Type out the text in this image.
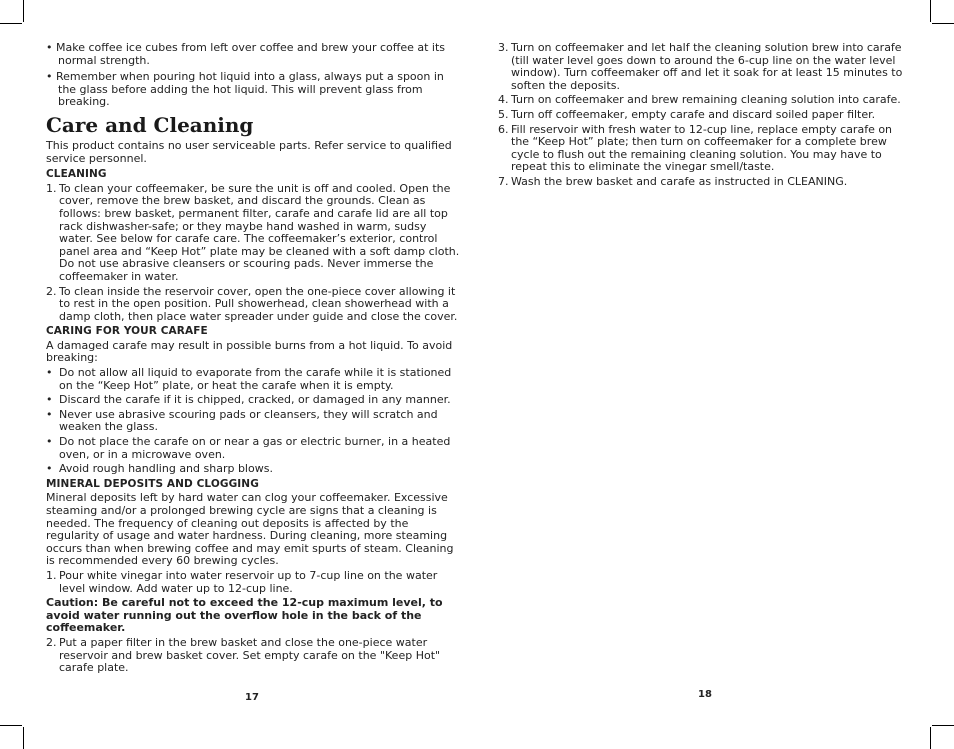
• Make coffee ice cubes from left over coffee and brew your coffee at its normal strength.

• Remember when pouring hot liquid into a glass, always put a spoon in the glass before adding the hot liquid. This will prevent glass from breaking.

Care and Cleaning

This product contains no user serviceable parts. Refer service to qualified service personnel.

CLEANING
1. To clean your coffeemaker, be sure the unit is off and cooled. Open the cover, remove the brew basket, and discard the grounds. Clean as follows: brew basket, permanent filter, carafe and carafe lid are all top rack dishwasher-safe; or they maybe hand washed in warm, sudsy water. See below for carafe care. The coffeemaker’s exterior, control panel area and “Keep Hot” plate may be cleaned with a soft damp cloth. Do not use abrasive cleansers or scouring pads. Never immerse the coffeemaker in water.
2. To clean inside the reservoir cover, open the one-piece cover allowing it to rest in the open position. Pull showerhead, clean showerhead with a damp cloth, then place water spreader under guide and close the cover.
CARING FOR YOUR CARAFE

A damaged carafe may result in possible burns from a hot liquid. To avoid breaking:

• Do not allow all liquid to evaporate from the carafe while it is stationed on the “Keep Hot” plate, or heat the carafe when it is empty.
• Discard the carafe if it is chipped, cracked, or damaged in any manner.
• Never use abrasive scouring pads or cleansers, they will scratch and weaken the glass.
• Do not place the carafe on or near a gas or electric burner, in a heated oven, or in a microwave oven.
• Avoid rough handling and sharp blows.
MINERAL DEPOSITS AND CLOGGING

Mineral deposits left by hard water can clog your coffeemaker. Excessive steaming and/or a prolonged brewing cycle are signs that a cleaning is needed. The frequency of cleaning out deposits is affected by the regularity of usage and water hardness. During cleaning, more steaming occurs than when brewing coffee and may emit spurts of steam. Cleaning is recommended every 60 brewing cycles.

1. Pour white vinegar into water reservoir up to 7-cup line on the water level window. Add water up to 12-cup line.

Caution: Be careful not to exceed the 12-cup maximum level, to avoid water running out the overflow hole in the back of the coffeemaker.

2. Put a paper filter in the brew basket and close the one-piece water reservoir and brew basket cover. Set empty carafe on the "Keep Hot" carafe plate.
17
3. Turn on coffeemaker and let half the cleaning solution brew into carafe (till water level goes down to around the 6-cup line on the water level window). Turn coffeemaker off and let it soak for at least 15 minutes to soften the deposits.
4. Turn on coffeemaker and brew remaining cleaning solution into carafe.
5. Turn off coffeemaker, empty carafe and discard soiled paper filter.
6. Fill reservoir with fresh water to 12-cup line, replace empty carafe on the “Keep Hot” plate; then turn on coffeemaker for a complete brew cycle to flush out the remaining cleaning solution. You may have to repeat this to eliminate the vinegar smell/taste.
7. Wash the brew basket and carafe as instructed in CLEANING.
18
